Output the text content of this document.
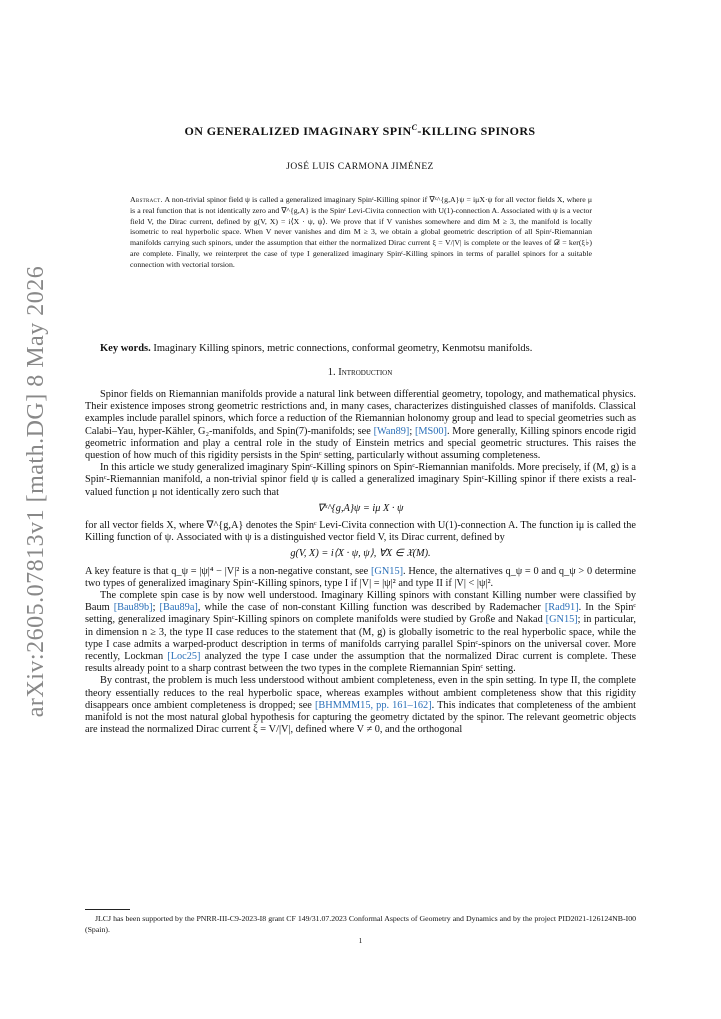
arXiv:2605.07813v1 [math.DG] 8 May 2026
ON GENERALIZED IMAGINARY $SPIN^C$-KILLING SPINORS
JOSÉ LUIS CARMONA JIMÉNEZ
Abstract. A non-trivial spinor field ψ is called a generalized imaginary Spinᶜ-Killing spinor if ∇ˣ^{g,A}ψ = iμX·ψ for all vector fields X, where μ is a real function that is not identically zero and ∇^{g,A} is the Spinᶜ Levi-Civita connection with U(1)-connection A. Associated with ψ is a vector field V, the Dirac current, defined by g(V, X) = i⟨X · ψ, ψ⟩. We prove that if V vanishes somewhere and dim M ≥ 3, the manifold is locally isometric to real hyperbolic space. When V never vanishes and dim M ≥ 3, we obtain a global geometric description of all Spinᶜ-Riemannian manifolds carrying such spinors, under the assumption that either the normalized Dirac current ξ = V/|V| is complete or the leaves of 𝒟 = ker(ξ♭) are complete. Finally, we reinterpret the case of type I generalized imaginary Spinᶜ-Killing spinors in terms of parallel spinors for a suitable connection with vectorial torsion.
Key words. Imaginary Killing spinors, metric connections, conformal geometry, Kenmotsu manifolds.
1. Introduction

Spinor fields on Riemannian manifolds provide a natural link between differential geometry, topology, and mathematical physics. Their existence imposes strong geometric restrictions and, in many cases, characterizes distinguished classes of manifolds. Classical examples include parallel spinors, which force a reduction of the Riemannian holonomy group and lead to special geometries such as Calabi–Yau, hyper-Kähler, G₂-manifolds, and Spin(7)-manifolds; see [Wan89]; [MS00]. More generally, Killing spinors encode rigid geometric information and play a central role in the study of Einstein metrics and special geometric structures. This raises the question of how much of this rigidity persists in the Spinᶜ setting, particularly without assuming completeness.

In this article we study generalized imaginary Spinᶜ-Killing spinors on Spinᶜ-Riemannian manifolds. More precisely, if (M, g) is a Spinᶜ-Riemannian manifold, a non-trivial spinor field ψ is called a generalized imaginary Spinᶜ-Killing spinor if there exists a real-valued function μ not identically zero such that

∇ˣ^{g,A}ψ = iμ X · ψ

for all vector fields X, where ∇^{g,A} denotes the Spinᶜ Levi-Civita connection with U(1)-connection A. The function iμ is called the Killing function of ψ. Associated with ψ is a distinguished vector field V, its Dirac current, defined by

g(V, X) = i⟨X · ψ, ψ⟩, ∀X ∈ 𝔛(M).

A key feature is that q_ψ = |ψ|⁴ − |V|² is a non-negative constant, see [GN15]. Hence, the alternatives q_ψ = 0 and q_ψ > 0 determine two types of generalized imaginary Spinᶜ-Killing spinors, type I if |V| = |ψ|² and type II if |V| < |ψ|².

The complete spin case is by now well understood. Imaginary Killing spinors with constant Killing number were classified by Baum [Bau89b]; [Bau89a], while the case of non-constant Killing function was described by Rademacher [Rad91]. In the Spinᶜ setting, generalized imaginary Spinᶜ-Killing spinors on complete manifolds were studied by Große and Nakad [GN15]; in particular, in dimension n ≥ 3, the type II case reduces to the statement that (M, g) is globally isometric to the real hyperbolic space, while the type I case admits a warped-product description in terms of manifolds carrying parallel Spinᶜ-spinors on the universal cover. More recently, Lockman [Loc25] analyzed the type I case under the assumption that the normalized Dirac current is complete. These results already point to a sharp contrast between the two types in the complete Riemannian Spinᶜ setting.

By contrast, the problem is much less understood without ambient completeness, even in the spin setting. In type II, the complete theory essentially reduces to the real hyperbolic space, whereas examples without ambient completeness show that this rigidity disappears once ambient completeness is dropped; see [BHMMM15, pp. 161–162]. This indicates that completeness of the ambient manifold is not the most natural global hypothesis for capturing the geometry dictated by the spinor. The relevant geometric objects are instead the normalized Dirac current ξ = V/|V|, defined where V ≠ 0, and the orthogonal

JLCJ has been supported by the PNRR-III-C9-2023-I8 grant CF 149/31.07.2023 Conformal Aspects of Geometry and Dynamics and by the project PID2021-126124NB-I00 (Spain).
1
